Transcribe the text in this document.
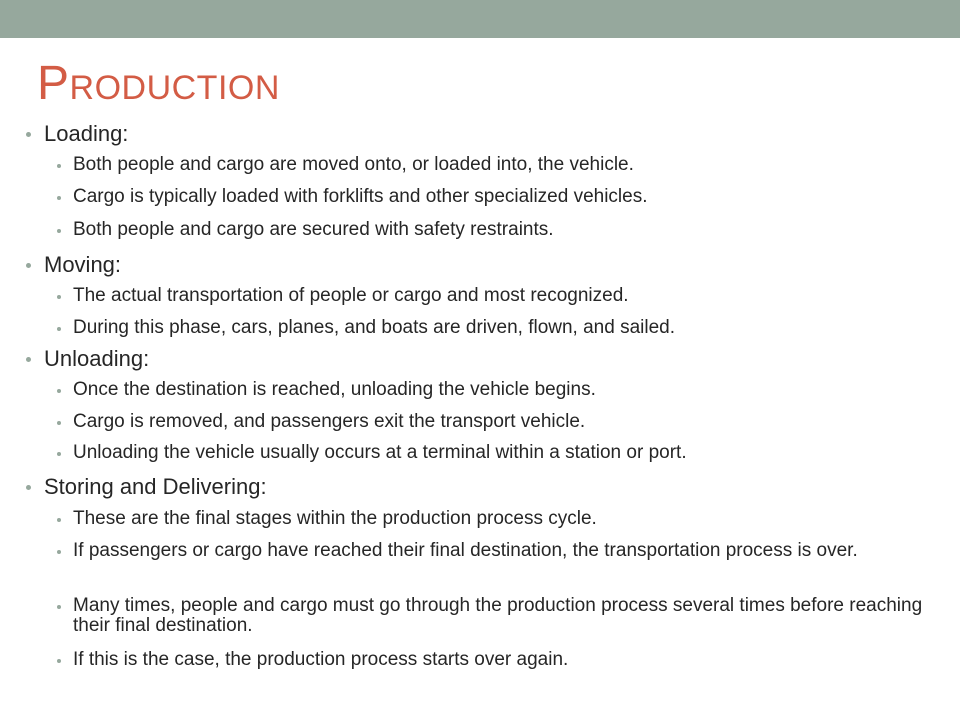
Production
Loading:
Both people and cargo are moved onto, or loaded into, the vehicle.
Cargo is typically loaded with forklifts and other specialized vehicles.
Both people and cargo are secured with safety restraints.
Moving:
The actual transportation of people or cargo and most recognized.
During this phase, cars, planes, and boats are driven, flown, and sailed.
Unloading:
Once the destination is reached, unloading the vehicle begins.
Cargo is removed, and passengers exit the transport vehicle.
Unloading the vehicle usually occurs at a terminal within a station or port.
Storing and Delivering:
These are the final stages within the production process cycle.
If passengers or cargo have reached their final destination, the transportation process is over.
Many times, people and cargo must go through the production process several times before reaching their final destination.
If this is the case, the production process starts over again.
